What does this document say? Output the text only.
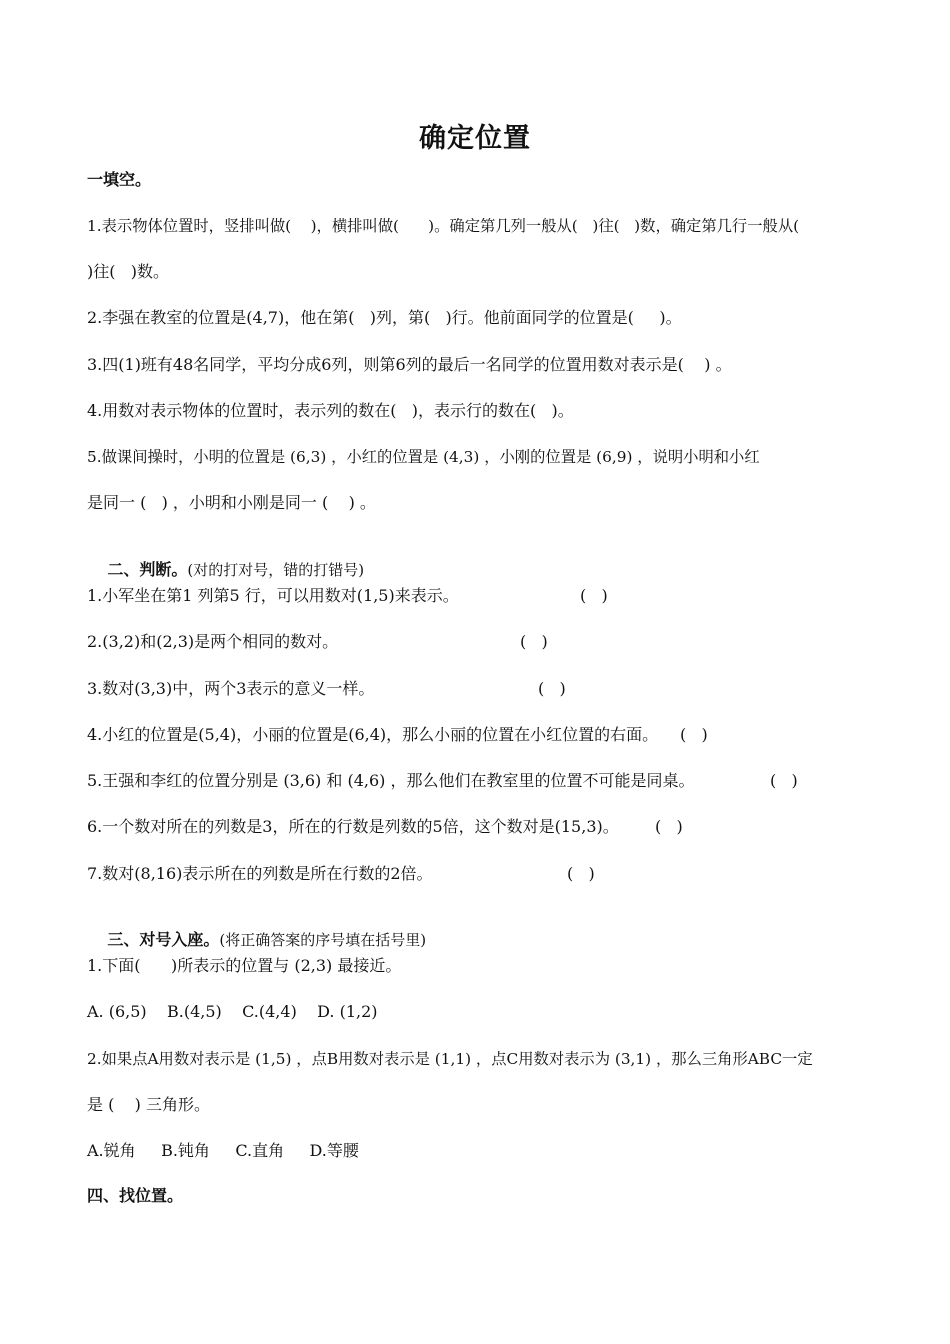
确定位置
一填空。
1.表示物体位置时，竖排叫做(    )，横排叫做(      )。确定第几列一般从(   )往(   )数，确定第几行一般从(
)往(   )数。
2.李强在教室的位置是(4,7)，他在第(   )列，第(   )行。他前面同学的位置是(     )。
3.四(1)班有48名同学，平均分成6列，则第6列的最后一名同学的位置用数对表示是(    ) 。
4.用数对表示物体的位置时，表示列的数在(   )，表示行的数在(   )。
5.做课间操时，小明的位置是 (6,3) ，小红的位置是 (4,3) ，小刚的位置是 (6,9) ，说明小明和小红
是同一 (   ) ，小明和小刚是同一 (    ) 。

二、判断。(对的打对号，错的打错号)

1.小军坐在第1 列第5 行，可以用数对(1,5)来表示。	(   )
2.(3,2)和(2,3)是两个相同的数对。	(   )
3.数对(3,3)中，两个3表示的意义一样。	(   )
4.小红的位置是(5,4)，小丽的位置是(6,4)，那么小丽的位置在小红位置的右面。 (   )
5.王强和李红的位置分别是 (3,6) 和 (4,6) ，那么他们在教室里的位置不可能是同桌。	(   )
6.一个数对所在的列数是3，所在的行数是列数的5倍，这个数对是(15,3)。 (   )
7.数对(8,16)表示所在的列数是所在行数的2倍。	(   )

三、对号入座。(将正确答案的序号填在括号里)

1.下面(      )所表示的位置与 (2,3) 最接近。
A. (6,5)    B.(4,5)    C.(4,4)    D. (1,2)
2.如果点A用数对表示是 (1,5) ，点B用数对表示是 (1,1) ，点C用数对表示为 (3,1) ，那么三角形ABC一定
是 (    ) 三角形。
A.锐角     B.钝角     C.直角     D.等腰
四、找位置。
